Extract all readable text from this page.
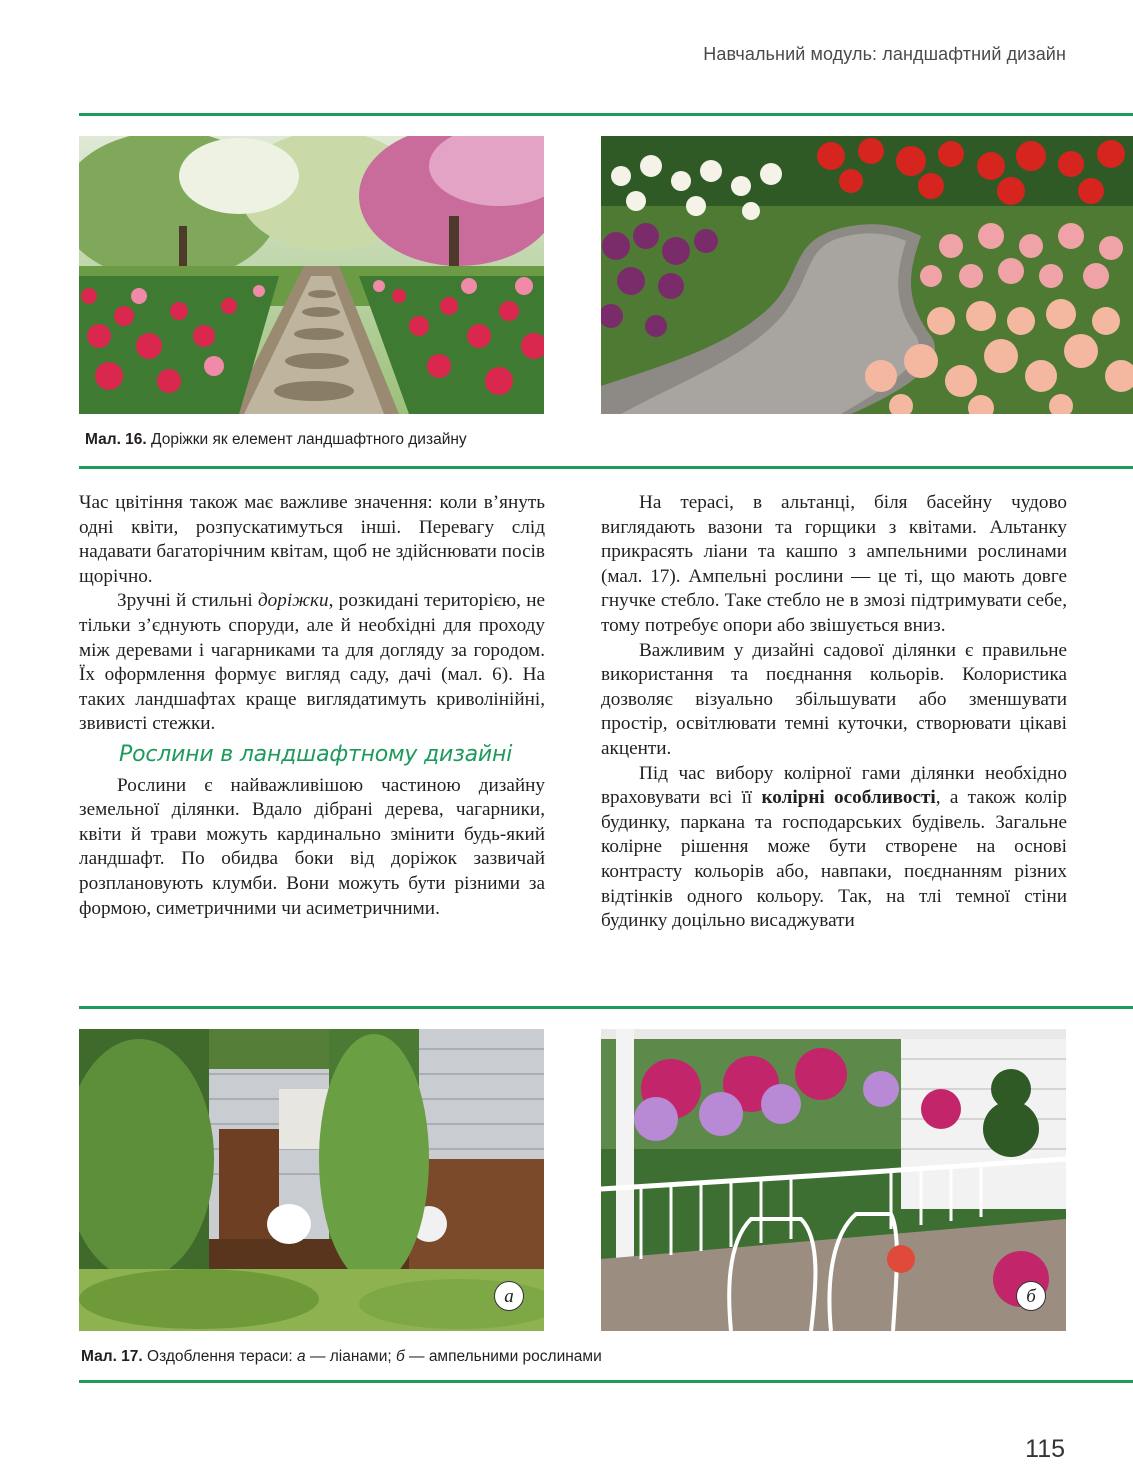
Навчальний модуль: ландшафтний дизайн
Мал. 16. Доріжки як елемент ландшафтного дизайну

Час цвітіння також має важливе значення: коли в’януть одні квіти, розпускатимуться інші. Перевагу слід надавати багаторічним квітам, щоб не здійснювати посів щорічно.

Зручні й стильні доріжки, розкидані територією, не тільки з’єднують споруди, але й необхідні для проходу між деревами і чагарниками та для догляду за городом. Їх оформлення формує вигляд саду, дачі (мал. 6). На таких ландшафтах краще виглядатимуть криволінійні, звивисті стежки.

Рослини в ландшафтному дизайні

Рослини є найважливішою частиною дизайну земельної ділянки. Вдало дібрані дерева, чагарники, квіти й трави можуть кардинально змінити будь-який ландшафт. По обидва боки від доріжок зазвичай розплановують клумби. Вони можуть бути різними за формою, симетричними чи асиметричними.

На терасі, в альтанці, біля басейну чудово виглядають вазони та горщики з квітами. Альтанку прикрасять ліани та кашпо з ампельними рослинами (мал. 17). Ампельні рослини — це ті, що мають довге гнучке стебло. Таке стебло не в змозі підтримувати себе, тому потребує опори або звішується вниз.

Важливим у дизайні садової ділянки є правильне використання та поєднання кольорів. Колористика дозволяє візуально збільшувати або зменшувати простір, освітлювати темні куточки, створювати цікаві акценти.

Під час вибору колірної гами ділянки необхідно враховувати всі її колірні особливості, а також колір будинку, паркана та господарських будівель. Загальне колірне рішення може бути створене на основі контрасту кольорів або, навпаки, поєднанням різних відтінків одного кольору. Так, на тлі темної стіни будинку доцільно висаджувати

а	б
Мал. 17. Оздоблення тераси: а — ліанами; б — ампельними рослинами
115
